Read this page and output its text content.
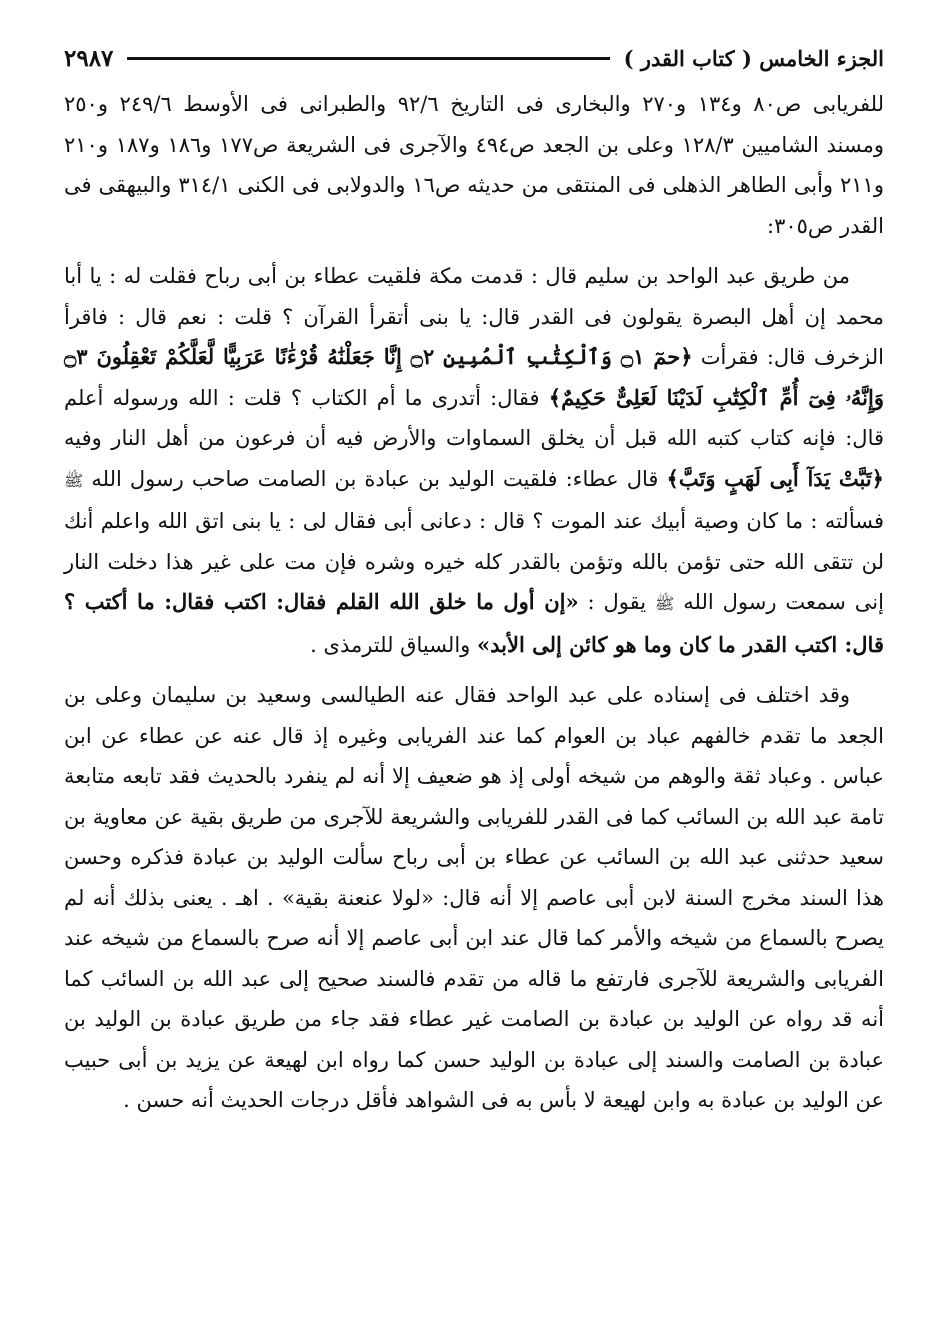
الجزء الخامس ( كتاب القدر )
٢٩٨٧

للفريابى ص٨٠ و١٣٤ و٢٧٠ والبخارى فى التاريخ ٩٢/٦ والطبرانى فى الأوسط ٢٤٩/٦ و٢٥٠ ومسند الشاميين ١٢٨/٣ وعلى بن الجعد ص٤٩٤ والآجرى فى الشريعة ص١٧٧ و١٨٦ و١٨٧ و٢١٠ و٢١١ وأبى الطاهر الذهلى فى المنتقى من حديثه ص١٦ والدولابى فى الكنى ٣١٤/١ والبيهقى فى القدر ص٣٠٥:

من طريق عبد الواحد بن سليم قال : قدمت مكة فلقيت عطاء بن أبى رباح فقلت له : يا أبا محمد إن أهل البصرة يقولون فى القدر قال: يا بنى أتقرأ القرآن ؟ قلت : نعم قال : فاقرأ الزخرف قال: فقرأت ﴿حمٓ ۝١ وَٱلْكِتَٰبِ ٱلْمُبِينِ ۝٢ إِنَّا جَعَلْنَٰهُ قُرْءَٰنًا عَرَبِيًّا لَّعَلَّكُمْ تَعْقِلُونَ ۝٣ وَإِنَّهُۥ فِىٓ أُمِّ ٱلْكِتَٰبِ لَدَيْنَا لَعَلِىٌّ حَكِيمٌ﴾ فقال: أتدرى ما أم الكتاب ؟ قلت : الله ورسوله أعلم قال: فإنه كتاب كتبه الله قبل أن يخلق السماوات والأرض فيه أن فرعون من أهل النار وفيه ﴿تَبَّتْ يَدَآ أَبِى لَهَبٍ وَتَبَّ﴾ قال عطاء: فلقيت الوليد بن عبادة بن الصامت صاحب رسول الله ﷺ فسألته : ما كان وصية أبيك عند الموت ؟ قال : دعانى أبى فقال لى : يا بنى اتق الله واعلم أنك لن تتقى الله حتى تؤمن بالله وتؤمن بالقدر كله خيره وشره فإن مت على غير هذا دخلت النار إنى سمعت رسول الله ﷺ يقول : «إن أول ما خلق الله القلم فقال: اكتب فقال: ما أكتب ؟ قال: اكتب القدر ما كان وما هو كائن إلى الأبد» والسياق للترمذى .

وقد اختلف فى إسناده على عبد الواحد فقال عنه الطيالسى وسعيد بن سليمان وعلى بن الجعد ما تقدم خالفهم عباد بن العوام كما عند الفريابى وغيره إذ قال عنه عن عطاء عن ابن عباس . وعباد ثقة والوهم من شيخه أولى إذ هو ضعيف إلا أنه لم ينفرد بالحديث فقد تابعه متابعة تامة عبد الله بن السائب كما فى القدر للفريابى والشريعة للآجرى من طريق بقية عن معاوية بن سعيد حدثنى عبد الله بن السائب عن عطاء بن أبى رباح سألت الوليد بن عبادة فذكره وحسن هذا السند مخرج السنة لابن أبى عاصم إلا أنه قال: «لولا عنعنة بقية» . اهـ . يعنى بذلك أنه لم يصرح بالسماع من شيخه والأمر كما قال عند ابن أبى عاصم إلا أنه صرح بالسماع من شيخه عند الفريابى والشريعة للآجرى فارتفع ما قاله من تقدم فالسند صحيح إلى عبد الله بن السائب كما أنه قد رواه عن الوليد بن عبادة بن الصامت غير عطاء فقد جاء من طريق عبادة بن الوليد بن عبادة بن الصامت والسند إلى عبادة بن الوليد حسن كما رواه ابن لهيعة عن يزيد بن أبى حبيب عن الوليد بن عبادة به وابن لهيعة لا بأس به فى الشواهد فأقل درجات الحديث أنه حسن .
